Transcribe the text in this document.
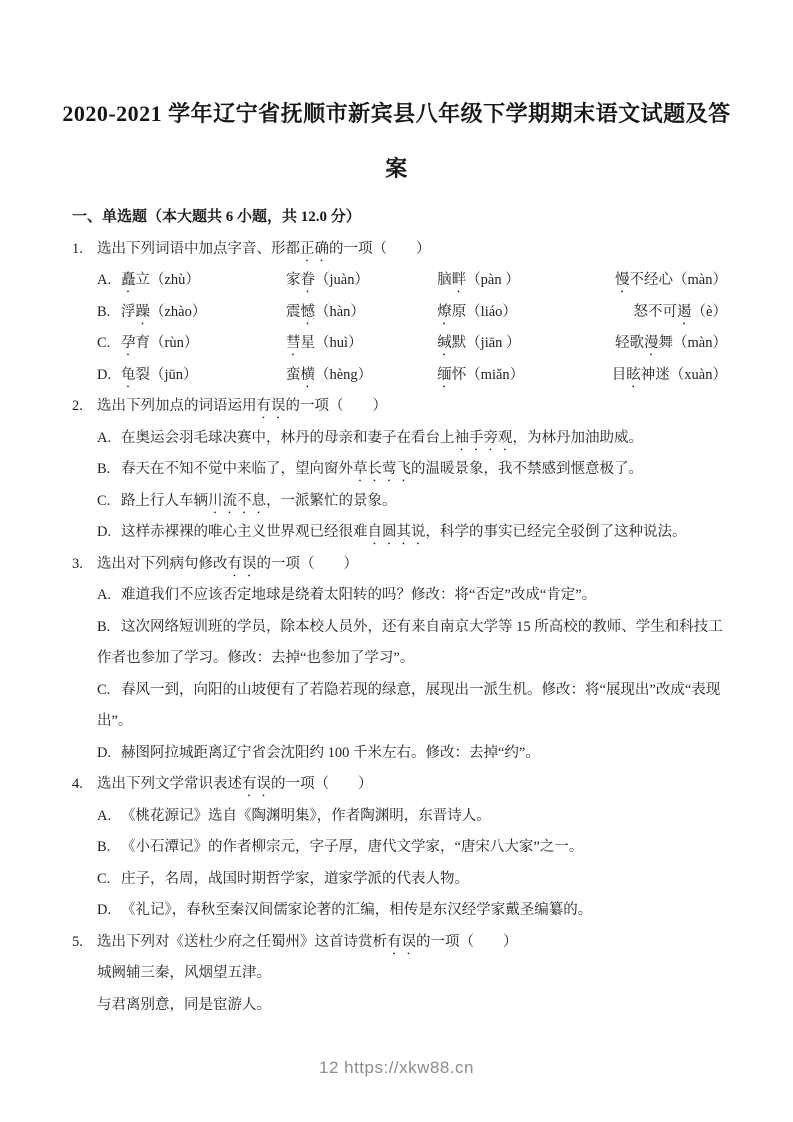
2020-2021 学年辽宁省抚顺市新宾县八年级下学期期末语文试题及答案
一、单选题（本大题共 6 小题，共 12.0 分）

1. 选出下列词语中加点字音、形都正确的一项（　　）

A. 矗立（zhù）	家眷（juàn）	脑畔（pàn ）	慢不经心（màn）
B. 浮躁（zhào）	震憾（hàn）	燎原（liáo）	怒不可遏（è）
C. 孕育（rùn）	彗星（huì）	缄默（jiān ）	轻歌漫舞（màn）
D. 龟裂（jūn）	蛮横（hèng）	缅怀（miǎn）	目眩神迷（xuàn）

2. 选出下列加点的词语运用有误的一项（　　）

A. 在奥运会羽毛球决赛中，林丹的母亲和妻子在看台上袖手旁观，为林丹加油助威。

B. 春天在不知不觉中来临了，望向窗外草长莺飞的温暖景象，我不禁感到惬意极了。

C. 路上行人车辆川流不息，一派繁忙的景象。

D. 这样赤裸裸的唯心主义世界观已经很难自圆其说，科学的事实已经完全驳倒了这种说法。

3. 选出对下列病句修改有误的一项（　　）

A. 难道我们不应该否定地球是绕着太阳转的吗？修改：将“否定”改成“肯定”。

B. 这次网络短训班的学员，除本校人员外，还有来自南京大学等 15 所高校的教师、学生和科技工作者也参加了学习。修改：去掉“也参加了学习”。

C. 春风一到，向阳的山坡便有了若隐若现的绿意，展现出一派生机。修改：将“展现出”改成“表现出”。

D. 赫图阿拉城距离辽宁省会沈阳约 100 千米左右。修改：去掉“约”。

4. 选出下列文学常识表述有误的一项（　　）

A. 《桃花源记》选自《陶渊明集》，作者陶渊明，东晋诗人。

B. 《小石潭记》的作者柳宗元，字子厚，唐代文学家，“唐宋八大家”之一。

C. 庄子，名周，战国时期哲学家，道家学派的代表人物。

D. 《礼记》，春秋至秦汉间儒家论著的汇编，相传是东汉经学家戴圣编纂的。

5. 选出下列对《送杜少府之任蜀州》这首诗赏析有误的一项（　　）

城阙辅三秦，风烟望五津。

与君离别意，同是宦游人。

12 https://xkw88.cn
